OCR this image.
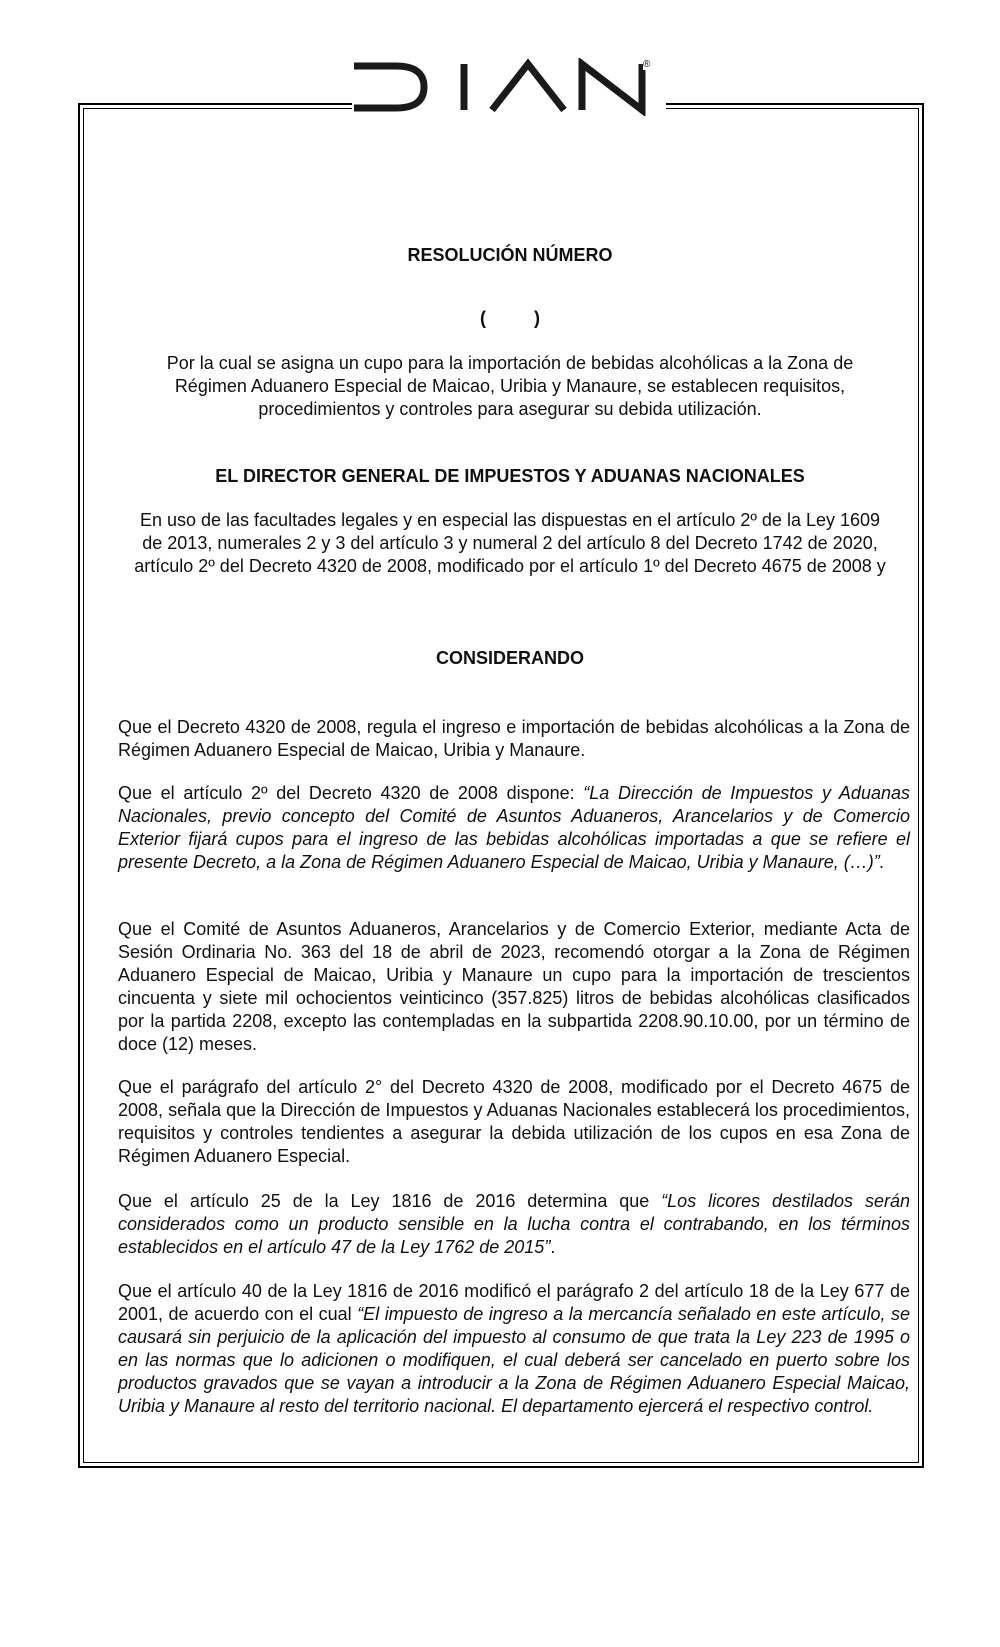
®
RESOLUCIÓN NÚMERO
(	)
Por la cual se asigna un cupo para la importación de bebidas alcohólicas a la Zona de Régimen Aduanero Especial de Maicao, Uribia y Manaure, se establecen requisitos, procedimientos y controles para asegurar su debida utilización.
EL DIRECTOR GENERAL DE IMPUESTOS Y ADUANAS NACIONALES
En uso de las facultades legales y en especial las dispuestas en el artículo 2º de la Ley 1609 de 2013, numerales 2 y 3 del artículo 3 y numeral 2 del artículo 8 del Decreto 1742 de 2020, artículo 2º del Decreto 4320 de 2008, modificado por el artículo 1º del Decreto 4675 de 2008 y
CONSIDERANDO

Que el Decreto 4320 de 2008, regula el ingreso e importación de bebidas alcohólicas a la Zona de Régimen Aduanero Especial de Maicao, Uribia y Manaure.

Que el artículo 2º del Decreto 4320 de 2008 dispone: “La Dirección de Impuestos y Aduanas Nacionales, previo concepto del Comité de Asuntos Aduaneros, Arancelarios y de Comercio Exterior fijará cupos para el ingreso de las bebidas alcohólicas importadas a que se refiere el presente Decreto, a la Zona de Régimen Aduanero Especial de Maicao, Uribia y Manaure, (…)”.

Que el Comité de Asuntos Aduaneros, Arancelarios y de Comercio Exterior, mediante Acta de Sesión Ordinaria No. 363 del 18 de abril de 2023, recomendó otorgar a la Zona de Régimen Aduanero Especial de Maicao, Uribia y Manaure un cupo para la importación de trescientos cincuenta y siete mil ochocientos veinticinco (357.825) litros de bebidas alcohólicas clasificados por la partida 2208, excepto las contempladas en la subpartida 2208.90.10.00, por un término de doce (12) meses.

Que el parágrafo del artículo 2° del Decreto 4320 de 2008, modificado por el Decreto 4675 de 2008, señala que la Dirección de Impuestos y Aduanas Nacionales establecerá los procedimientos, requisitos y controles tendientes a asegurar la debida utilización de los cupos en esa Zona de Régimen Aduanero Especial.

Que el artículo 25 de la Ley 1816 de 2016 determina que “Los licores destilados serán considerados como un producto sensible en la lucha contra el contrabando, en los términos establecidos en el artículo 47 de la Ley 1762 de 2015”.

Que el artículo 40 de la Ley 1816 de 2016 modificó el parágrafo 2 del artículo 18 de la Ley 677 de 2001, de acuerdo con el cual “El impuesto de ingreso a la mercancía señalado en este artículo, se causará sin perjuicio de la aplicación del impuesto al consumo de que trata la Ley 223 de 1995 o en las normas que lo adicionen o modifiquen, el cual deberá ser cancelado en puerto sobre los productos gravados que se vayan a introducir a la Zona de Régimen Aduanero Especial Maicao, Uribia y Manaure al resto del territorio nacional. El departamento ejercerá el respectivo control.
